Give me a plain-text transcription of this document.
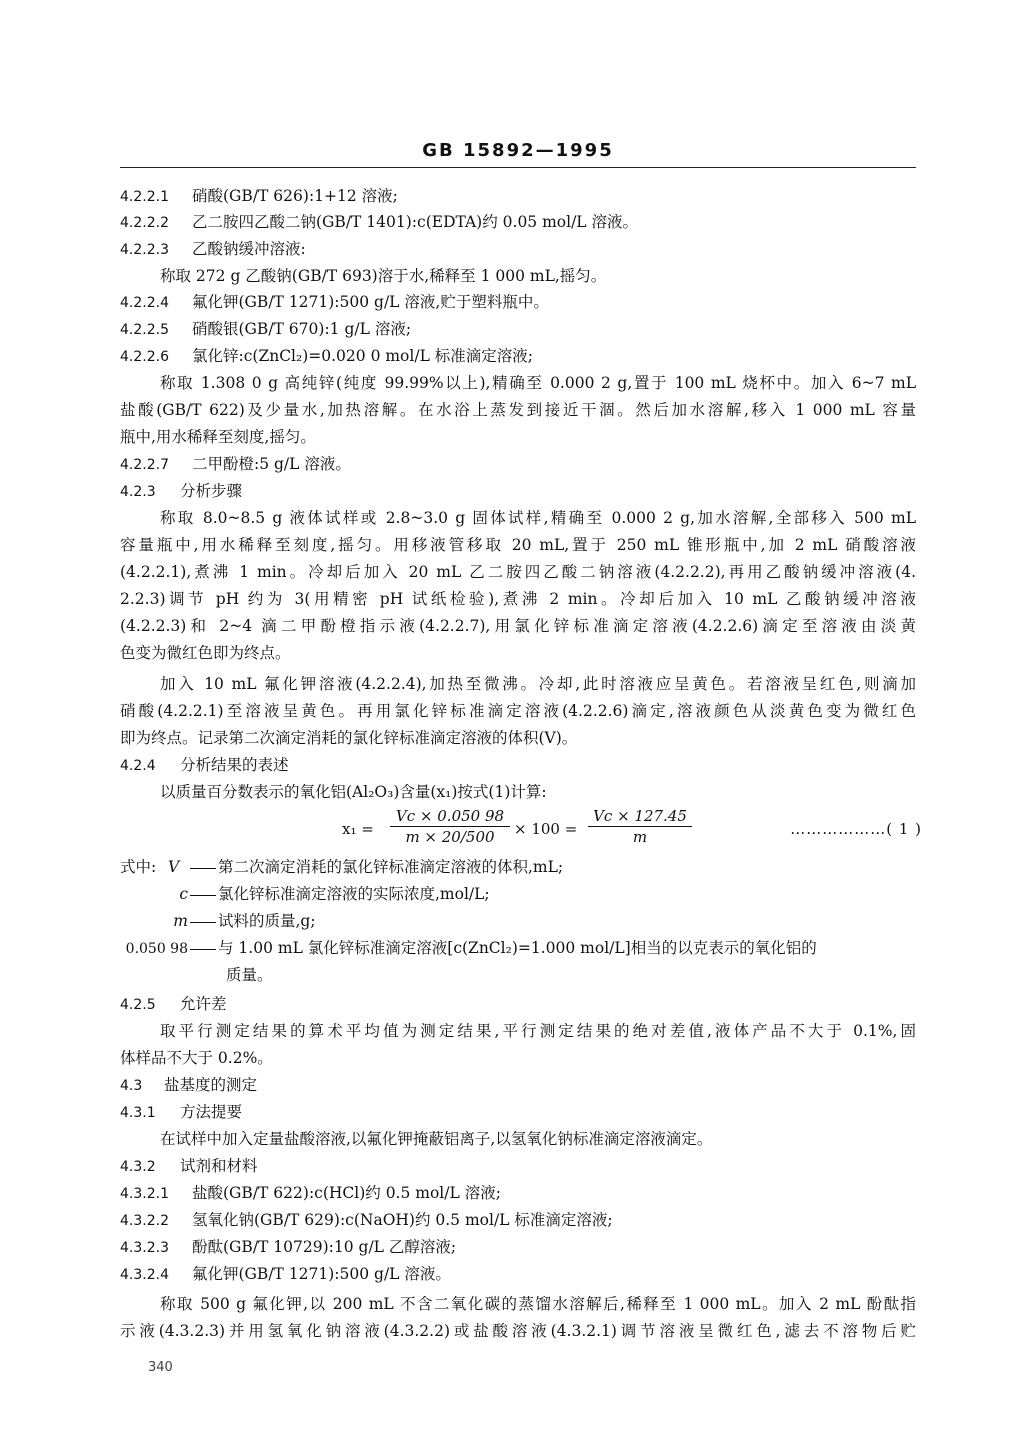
GB 15892—1995
4.2.2.1 硝酸(GB/T 626):1+12 溶液;
4.2.2.2 乙二胺四乙酸二钠(GB/T 1401):c(EDTA)约 0.05 mol/L 溶液。
4.2.2.3 乙酸钠缓冲溶液:
称取 272 g 乙酸钠(GB/T 693)溶于水,稀释至 1 000 mL,摇匀。
4.2.2.4 氟化钾(GB/T 1271):500 g/L 溶液,贮于塑料瓶中。
4.2.2.5 硝酸银(GB/T 670):1 g/L 溶液;
4.2.2.6 氯化锌:c(ZnCl₂)=0.020 0 mol/L 标准滴定溶液;
称取 1.308 0 g 高纯锌(纯度 99.99%以上),精确至 0.000 2 g,置于 100 mL 烧杯中。加入 6~7 mL
盐酸(GB/T 622)及少量水,加热溶解。在水浴上蒸发到接近干涸。然后加水溶解,移入 1 000 mL 容量
瓶中,用水稀释至刻度,摇匀。
4.2.2.7 二甲酚橙:5 g/L 溶液。
4.2.3 分析步骤
称取 8.0~8.5 g 液体试样或 2.8~3.0 g 固体试样,精确至 0.000 2 g,加水溶解,全部移入 500 mL
容量瓶中,用水稀释至刻度,摇匀。用移液管移取 20 mL,置于 250 mL 锥形瓶中,加 2 mL 硝酸溶液
(4.2.2.1),煮沸 1 min。冷却后加入 20 mL 乙二胺四乙酸二钠溶液(4.2.2.2),再用乙酸钠缓冲溶液(4.
2.2.3)调节 pH 约为 3(用精密 pH 试纸检验),煮沸 2 min。冷却后加入 10 mL 乙酸钠缓冲溶液
(4.2.2.3)和 2~4 滴二甲酚橙指示液(4.2.2.7),用氯化锌标准滴定溶液(4.2.2.6)滴定至溶液由淡黄
色变为微红色即为终点。
加入 10 mL 氟化钾溶液(4.2.2.4),加热至微沸。冷却,此时溶液应呈黄色。若溶液呈红色,则滴加
硝酸(4.2.2.1)至溶液呈黄色。再用氯化锌标准滴定溶液(4.2.2.6)滴定,溶液颜色从淡黄色变为微红色
即为终点。记录第二次滴定消耗的氯化锌标准滴定溶液的体积(V)。
4.2.4 分析结果的表述
以质量百分数表示的氧化铝(Al₂O₃)含量(x₁)按式(1)计算:
$x_1 = \frac{Vc \times 0.050 98}{m \times 20/500} \times 100 = \frac{Vc \times 127.45}{m}$	………………( 1 )
式中: V	第二次滴定消耗的氯化锌标准滴定溶液的体积,mL;
c 氯化锌标准滴定溶液的实际浓度,mol/L;
m 试料的质量,g;
0.050 98 与 1.00 mL 氯化锌标准滴定溶液[c(ZnCl₂)=1.000 mol/L]相当的以克表示的氧化铝的
质量。
4.2.5 允许差
取平行测定结果的算术平均值为测定结果,平行测定结果的绝对差值,液体产品不大于 0.1%,固
体样品不大于 0.2%。
4.3 盐基度的测定
4.3.1 方法提要
在试样中加入定量盐酸溶液,以氟化钾掩蔽铝离子,以氢氧化钠标准滴定溶液滴定。
4.3.2 试剂和材料
4.3.2.1 盐酸(GB/T 622):c(HCl)约 0.5 mol/L 溶液;
4.3.2.2 氢氧化钠(GB/T 629):c(NaOH)约 0.5 mol/L 标准滴定溶液;
4.3.2.3 酚酞(GB/T 10729):10 g/L 乙醇溶液;
4.3.2.4 氟化钾(GB/T 1271):500 g/L 溶液。
称取 500 g 氟化钾,以 200 mL 不含二氧化碳的蒸馏水溶解后,稀释至 1 000 mL。加入 2 mL 酚酞指
示液(4.3.2.3)并用氢氧化钠溶液(4.3.2.2)或盐酸溶液(4.3.2.1)调节溶液呈微红色,滤去不溶物后贮
340
